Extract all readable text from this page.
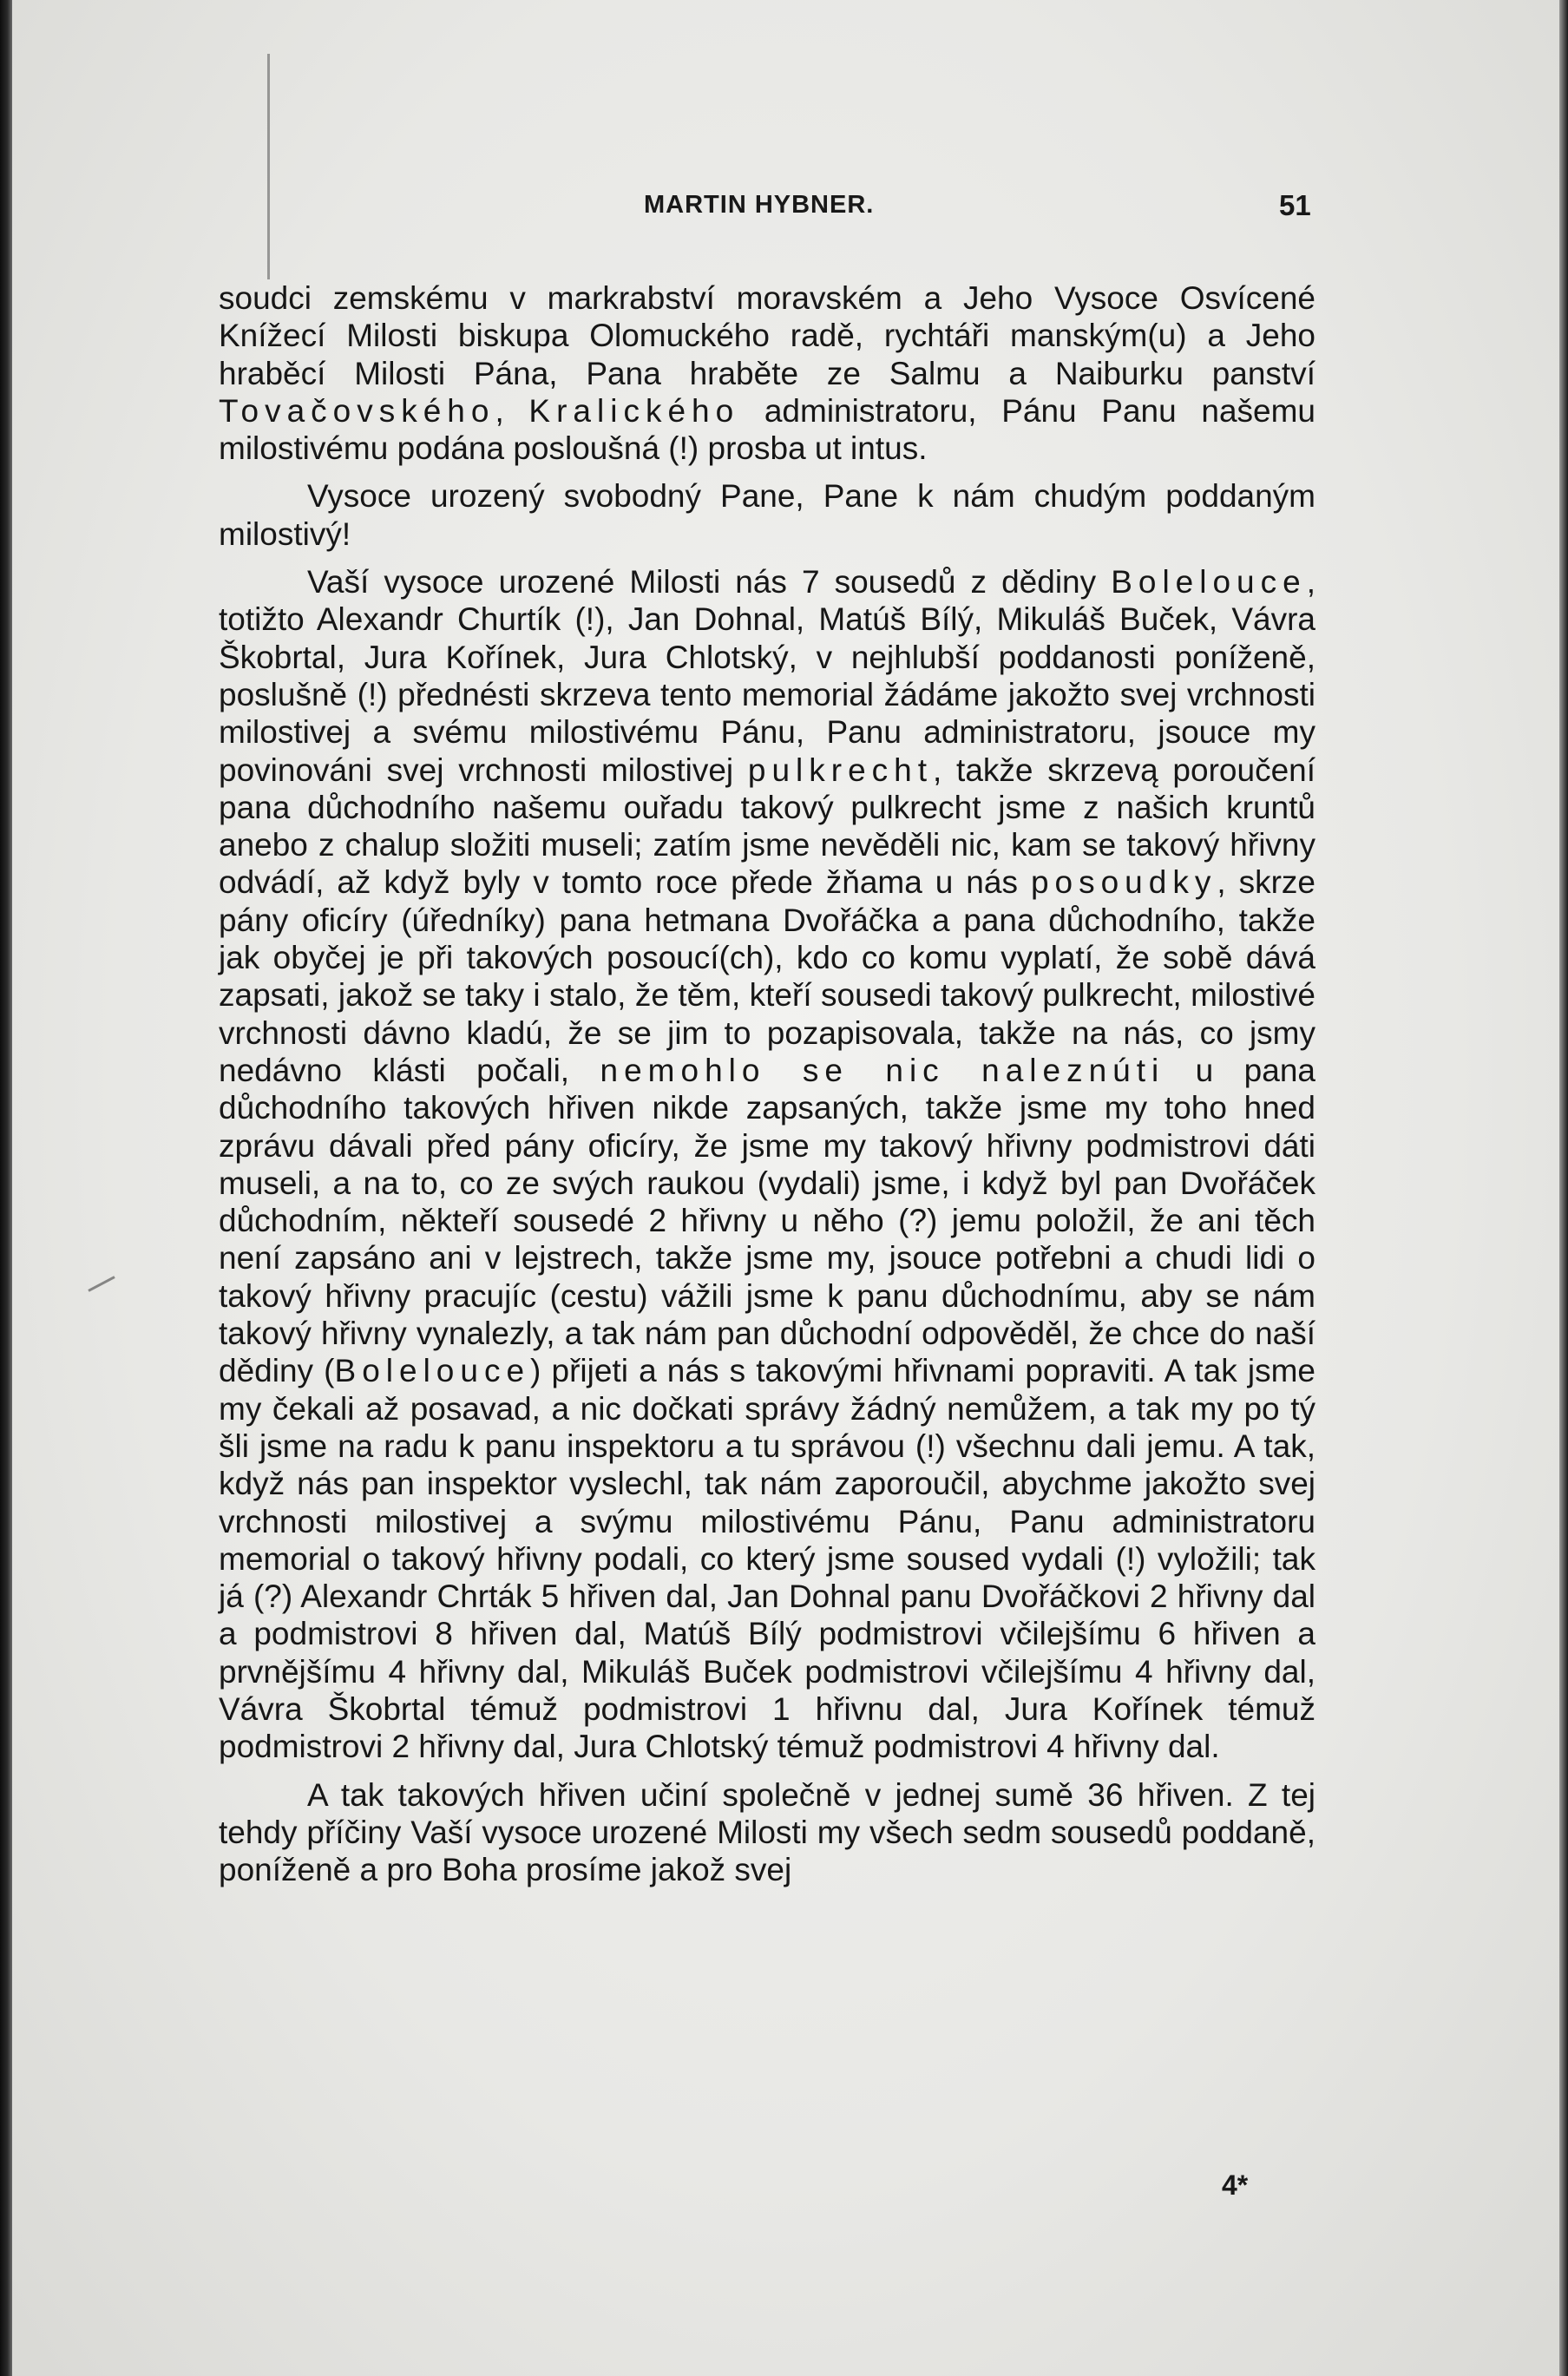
MARTIN HYBNER.	51

soudci zemskému v markrabství moravském a Jeho Vysoce Osvícené Knížecí Milosti biskupa Olomuckého radě, rychtáři manským(u) a Jeho hraběcí Milosti Pána, Pana hraběte ze Salmu a Naiburku panství Tovačovského, Kralického administratoru, Pánu Panu našemu milostivému podána posloušná (!) prosba ut intus.

Vysoce urozený svobodný Pane, Pane k nám chudým poddaným milostivý!

Vaší vysoce urozené Milosti nás 7 sousedů z dědiny Bolelouce, totižto Alexandr Churtík (!), Jan Dohnal, Matúš Bílý, Mikuláš Buček, Vávra Škobrtal, Jura Kořínek, Jura Chlotský, v nejhlubší poddanosti poníženě, poslušně (!) přednésti skrzeva tento memorial žádáme jakožto svej vrchnosti milostivej a svému milostivému Pánu, Panu administratoru, jsouce my povinováni svej vrchnosti milostivej pulkrecht, takže skrzevą poroučení pana důchodního našemu ouřadu takový pulkrecht jsme z našich kruntů anebo z chalup složiti museli; zatím jsme nevěděli nic, kam se takový hřivny odvádí, až když byly v tomto roce přede žňama u nás posoudky, skrze pány oficíry (úředníky) pana hetmana Dvořáčka a pana důchodního, takže jak obyčej je při takových posoucí(ch), kdo co komu vyplatí, že sobě dává zapsati, jakož se taky i stalo, že těm, kteří sousedi takový pulkrecht, milostivé vrchnosti dávno kladú, že se jim to pozapisovala, takže na nás, co jsmy nedávno klásti počali, nemohlo se nic naleznúti u pana důchodního takových hřiven nikde zapsaných, takže jsme my toho hned zprávu dávali před pány oficíry, že jsme my takový hřivny podmistrovi dáti museli, a na to, co ze svých raukou (vydali) jsme, i když byl pan Dvořáček důchodním, někteří sousedé 2 hřivny u něho (?) jemu položil, že ani těch není zapsáno ani v lejstrech, takže jsme my, jsouce potřebni a chudi lidi o takový hřivny pracujíc (cestu) vážili jsme k panu důchodnímu, aby se nám takový hřivny vynalezly, a tak nám pan důchodní odpověděl, že chce do naší dědiny (Bolelouce) přijeti a nás s takovými hřivnami popraviti. A tak jsme my čekali až posavad, a nic dočkati správy žádný nemůžem, a tak my po tý šli jsme na radu k panu inspektoru a tu správou (!) všechnu dali jemu. A tak, když nás pan inspektor vyslechl, tak nám zaporoučil, abychme jakožto svej vrchnosti milostivej a svýmu milostivému Pánu, Panu administratoru memorial o takový hřivny podali, co který jsme soused vydali (!) vyložili; tak já (?) Alexandr Chrták 5 hřiven dal, Jan Dohnal panu Dvořáčkovi 2 hřivny dal a podmistrovi 8 hřiven dal, Matúš Bílý podmistrovi včilejšímu 6 hřiven a prvnějšímu 4 hřivny dal, Mikuláš Buček podmistrovi včilejšímu 4 hřivny dal, Vávra Škobrtal témuž podmistrovi 1 hřivnu dal, Jura Kořínek témuž podmistrovi 2 hřivny dal, Jura Chlotský témuž podmistrovi 4 hřivny dal.

A tak takových hřiven učiní společně v jednej sumě 36 hřiven. Z tej tehdy příčiny Vaší vysoce urozené Milosti my všech sedm sousedů poddaně, poníženě a pro Boha prosíme jakož svej

4*
